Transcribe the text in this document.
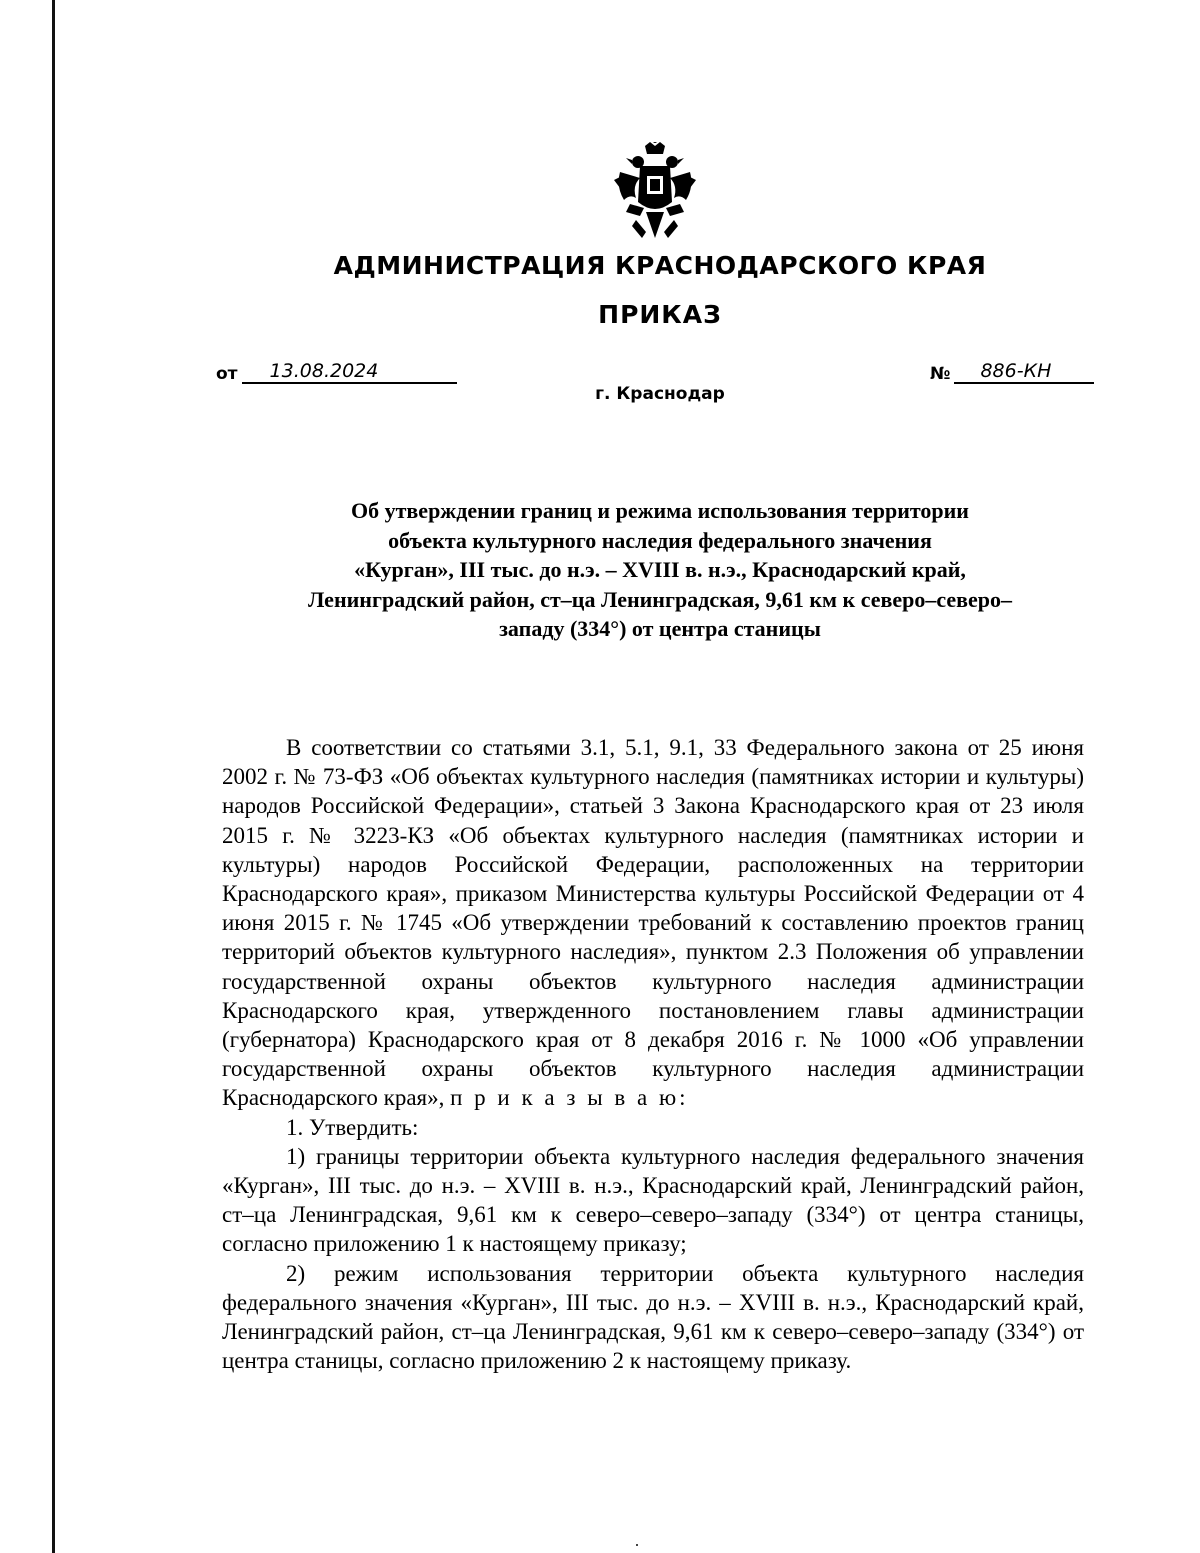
АДМИНИСТРАЦИЯ КРАСНОДАРСКОГО КРАЯ
ПРИКАЗ
от	13.08.2024	№	886-КН
г. Краснодар
Об утверждении границ и режима использования территории
объекта культурного наследия федерального значения
«Курган», III тыс. до н.э. – XVIII в. н.э., Краснодарский край,
Ленинградский район, ст–ца Ленинградская, 9,61 км к северо–северо–
западу (334°) от центра станицы

В соответствии со статьями 3.1, 5.1, 9.1, 33 Федерального закона от 25 июня 2002 г. № 73-ФЗ «Об объектах культурного наследия (памятниках истории и культуры) народов Российской Федерации», статьей 3 Закона Краснодарского края от 23 июля 2015 г. № 3223-КЗ «Об объектах культурного наследия (памятниках истории и культуры) народов Российской Федерации, расположенных на территории Краснодарского края», приказом Министерства культуры Российской Федерации от 4 июня 2015 г. № 1745 «Об утверждении требований к составлению проектов границ территорий объектов культурного наследия», пунктом 2.3 Положения об управлении государственной охраны объектов культурного наследия администрации Краснодарского края, утвержденного постановлением главы администрации (губернатора) Краснодарского края от 8 декабря 2016 г. № 1000 «Об управлении государственной охраны объектов культурного наследия администрации Краснодарского края», п р и к а з ы в а ю:

1. Утвердить:

1) границы территории объекта культурного наследия федерального значения «Курган», III тыс. до н.э. – XVIII в. н.э., Краснодарский край, Ленинградский район, ст–ца Ленинградская, 9,61 км к северо–северо–западу (334°) от центра станицы, согласно приложению 1 к настоящему приказу;

2) режим использования территории объекта культурного наследия федерального значения «Курган», III тыс. до н.э. – XVIII в. н.э., Краснодарский край, Ленинградский район, ст–ца Ленинградская, 9,61 км к северо–северо–западу (334°) от центра станицы, согласно приложению 2 к настоящему приказу.
